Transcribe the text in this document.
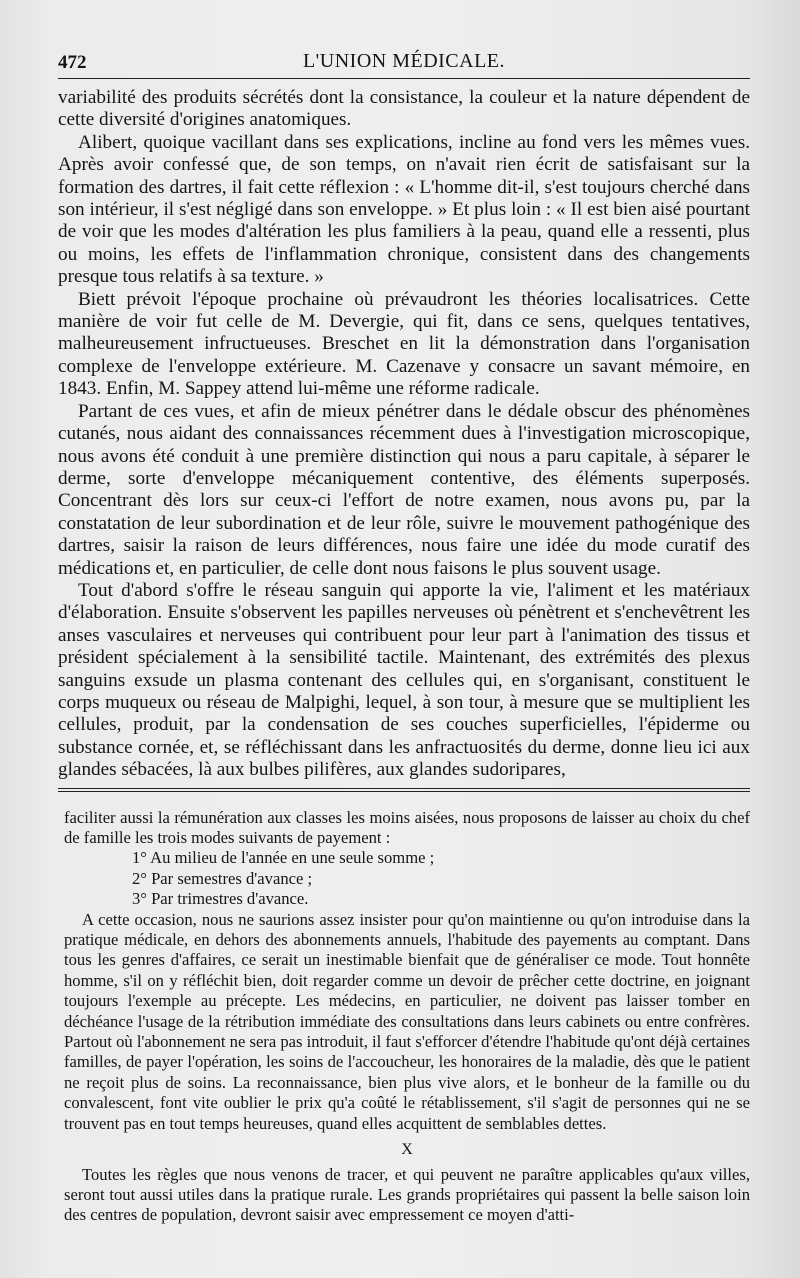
472	L'UNION MÉDICALE.

variabilité des produits sécrétés dont la consistance, la couleur et la nature dépendent de cette diversité d'origines anatomiques.

Alibert, quoique vacillant dans ses explications, incline au fond vers les mêmes vues. Après avoir confessé que, de son temps, on n'avait rien écrit de satisfaisant sur la formation des dartres, il fait cette réflexion : « L'homme dit-il, s'est toujours cherché dans son intérieur, il s'est négligé dans son enveloppe. » Et plus loin : « Il est bien aisé pourtant de voir que les modes d'altération les plus familiers à la peau, quand elle a ressenti, plus ou moins, les effets de l'inflammation chronique, consistent dans des changements presque tous relatifs à sa texture. »

Biett prévoit l'époque prochaine où prévaudront les théories localisatrices. Cette manière de voir fut celle de M. Devergie, qui fit, dans ce sens, quelques tentatives, malheureusement infructueuses. Breschet en lit la démonstration dans l'organisation complexe de l'enveloppe extérieure. M. Cazenave y consacre un savant mémoire, en 1843. Enfin, M. Sappey attend lui-même une réforme radicale.

Partant de ces vues, et afin de mieux pénétrer dans le dédale obscur des phénomènes cutanés, nous aidant des connaissances récemment dues à l'investigation microscopique, nous avons été conduit à une première distinction qui nous a paru capitale, à séparer le derme, sorte d'enveloppe mécaniquement contentive, des éléments superposés. Concentrant dès lors sur ceux-ci l'effort de notre examen, nous avons pu, par la constatation de leur subordination et de leur rôle, suivre le mouvement pathogénique des dartres, saisir la raison de leurs différences, nous faire une idée du mode curatif des médications et, en particulier, de celle dont nous faisons le plus souvent usage.

Tout d'abord s'offre le réseau sanguin qui apporte la vie, l'aliment et les matériaux d'élaboration. Ensuite s'observent les papilles nerveuses où pénètrent et s'enchevêtrent les anses vasculaires et nerveuses qui contribuent pour leur part à l'animation des tissus et président spécialement à la sensibilité tactile. Maintenant, des extrémités des plexus sanguins exsude un plasma contenant des cellules qui, en s'organisant, constituent le corps muqueux ou réseau de Malpighi, lequel, à son tour, à mesure que se multiplient les cellules, produit, par la condensation de ses couches superficielles, l'épiderme ou substance cornée, et, se réfléchissant dans les anfractuosités du derme, donne lieu ici aux glandes sébacées, là aux bulbes pilifères, aux glandes sudoripares,

faciliter aussi la rémunération aux classes les moins aisées, nous proposons de laisser au choix du chef de famille les trois modes suivants de payement :

1° Au milieu de l'année en une seule somme ;

2° Par semestres d'avance ;

3° Par trimestres d'avance.

A cette occasion, nous ne saurions assez insister pour qu'on maintienne ou qu'on introduise dans la pratique médicale, en dehors des abonnements annuels, l'habitude des payements au comptant. Dans tous les genres d'affaires, ce serait un inestimable bienfait que de généraliser ce mode. Tout honnête homme, s'il on y réfléchit bien, doit regarder comme un devoir de prêcher cette doctrine, en joignant toujours l'exemple au précepte. Les médecins, en particulier, ne doivent pas laisser tomber en déchéance l'usage de la rétribution immédiate des consultations dans leurs cabinets ou entre confrères. Partout où l'abonnement ne sera pas introduit, il faut s'efforcer d'étendre l'habitude qu'ont déjà certaines familles, de payer l'opération, les soins de l'accoucheur, les honoraires de la maladie, dès que le patient ne reçoit plus de soins. La reconnaissance, bien plus vive alors, et le bonheur de la famille ou du convalescent, font vite oublier le prix qu'a coûté le rétablissement, s'il s'agit de personnes qui ne se trouvent pas en tout temps heureuses, quand elles acquittent de semblables dettes.

X

Toutes les règles que nous venons de tracer, et qui peuvent ne paraître applicables qu'aux villes, seront tout aussi utiles dans la pratique rurale. Les grands propriétaires qui passent la belle saison loin des centres de population, devront saisir avec empressement ce moyen d'atti-
